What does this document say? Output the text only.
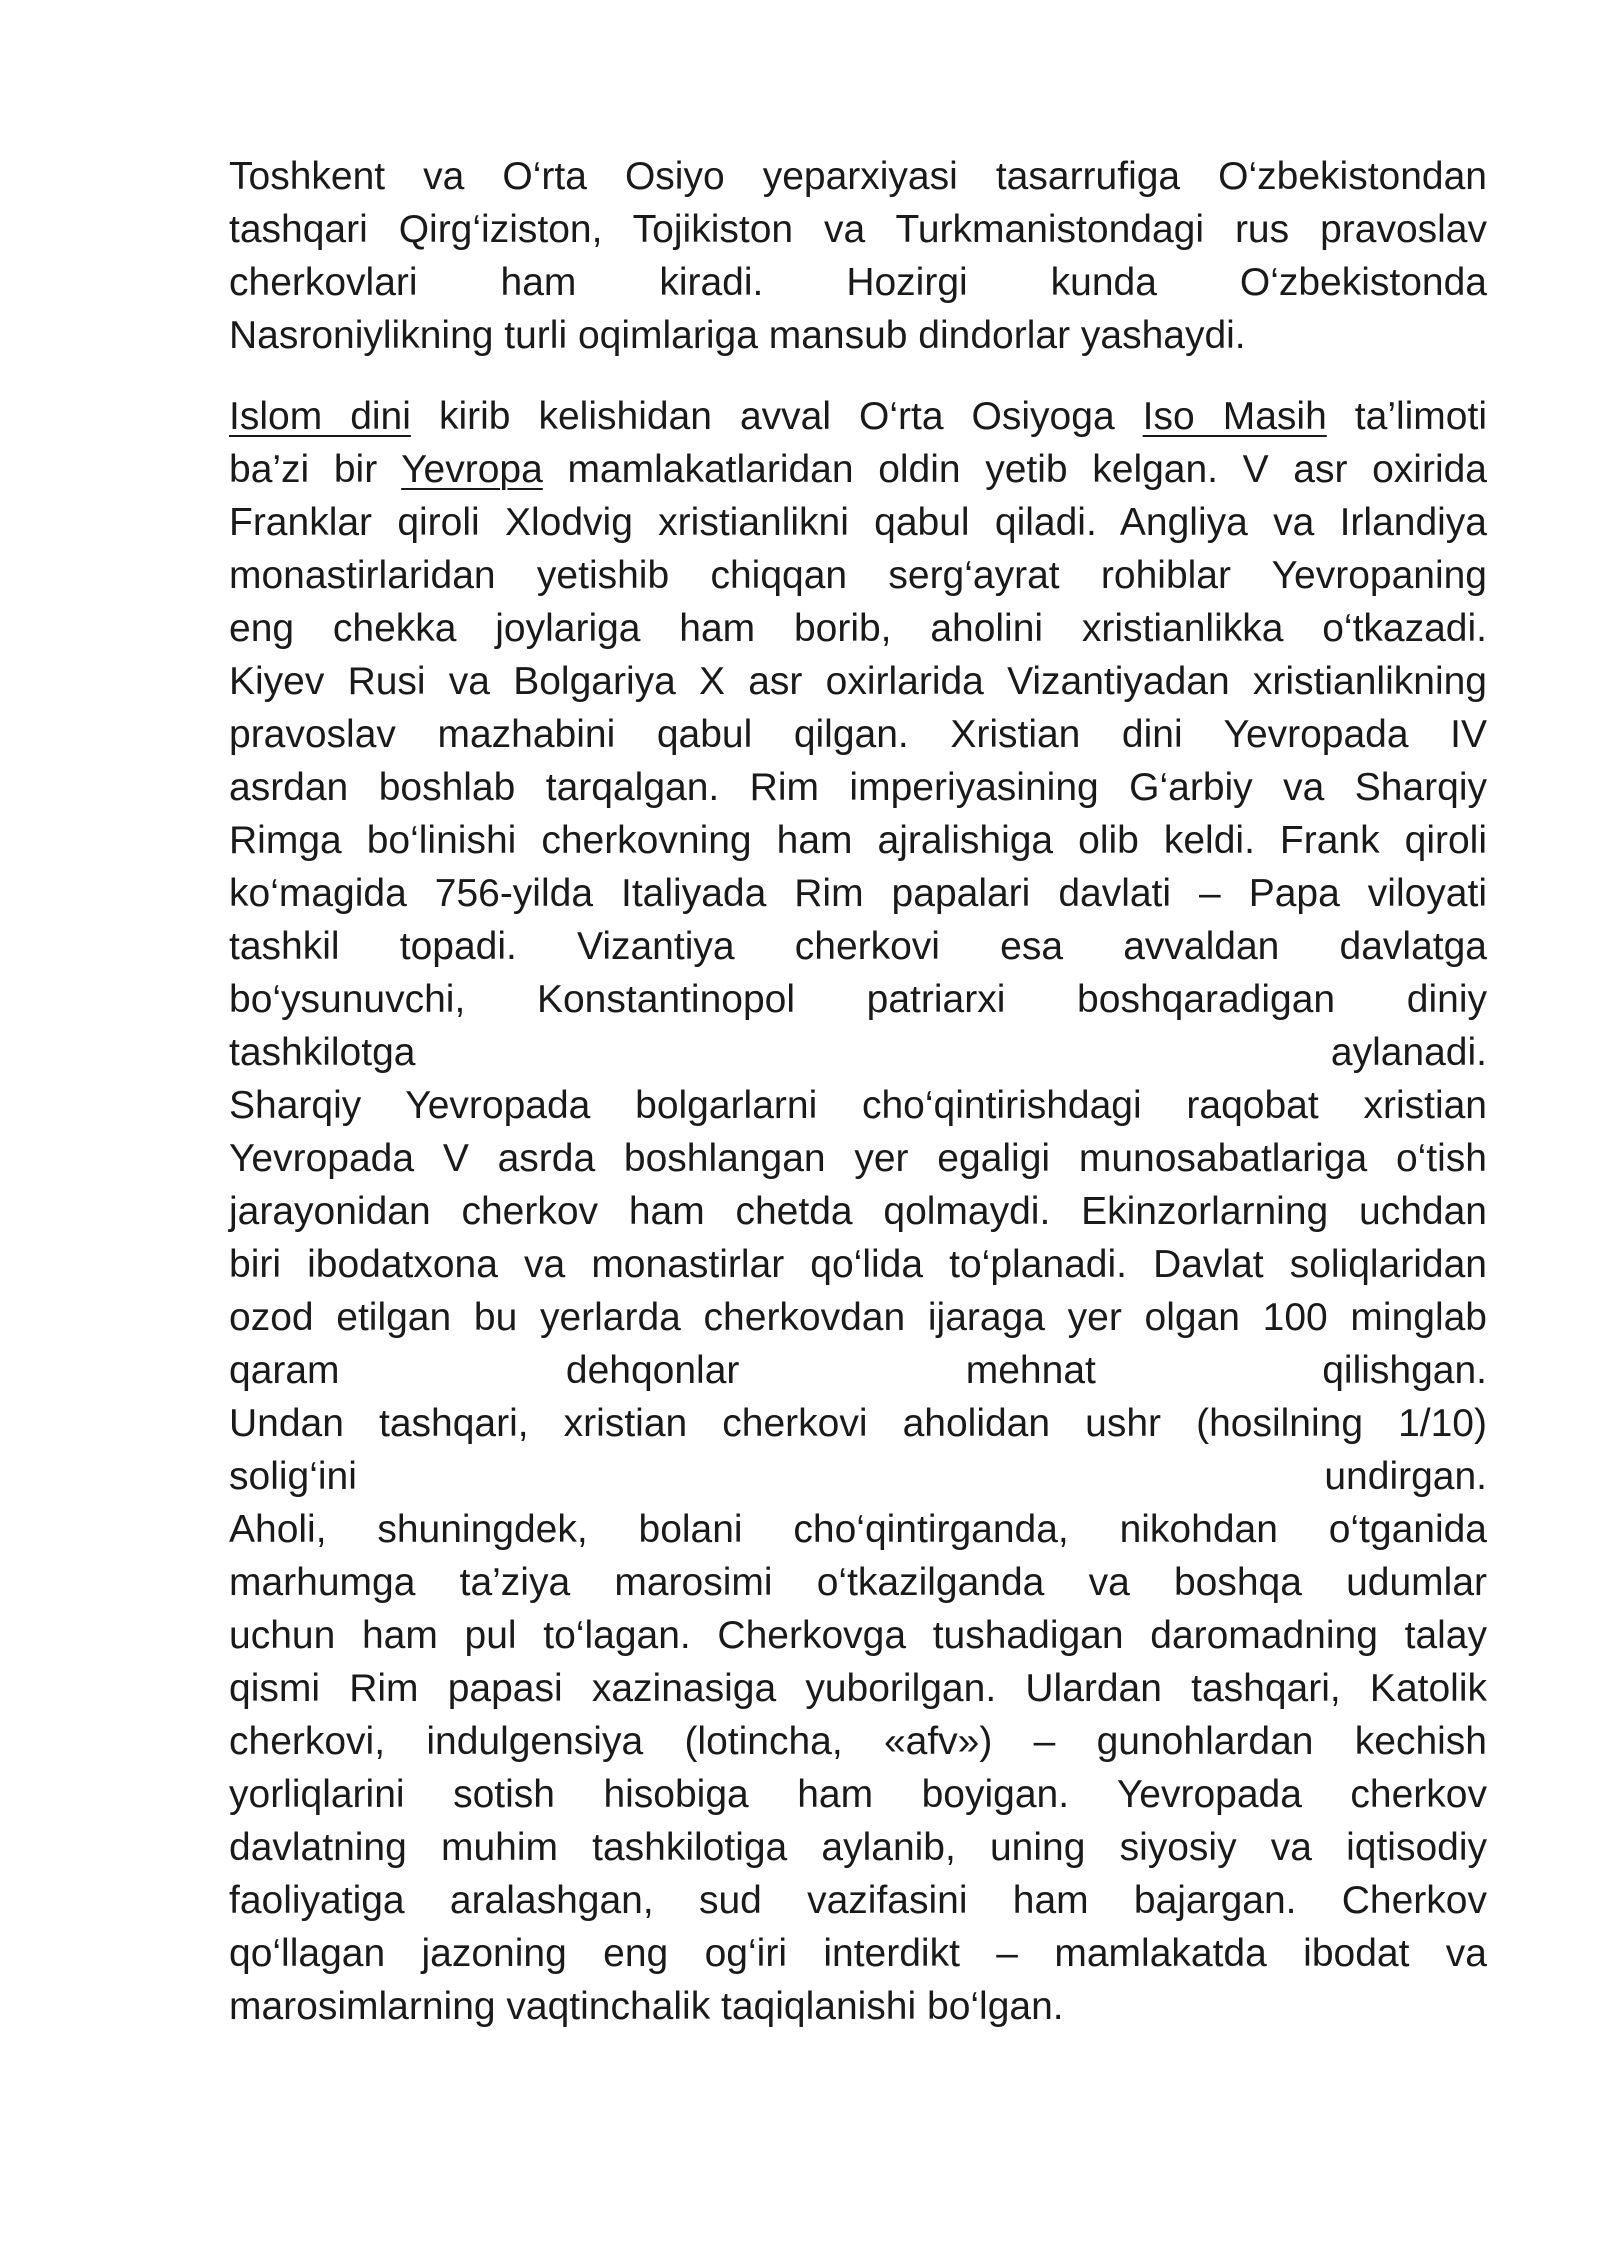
Toshkent va O‘rta Osiyo yeparxiyasi tasarrufiga O‘zbekistondan
tashqari Qirg‘iziston, Tojikiston va Turkmanistondagi rus pravoslav
cherkovlari ham kiradi. Hozirgi kunda O‘zbekistonda
Nasroniylikning turli oqimlariga mansub dindorlar yashaydi.

Islom dini kirib kelishidan avval O‘rta Osiyoga Iso Masih ta’limoti
ba’zi bir Yevropa mamlakatlaridan oldin yetib kelgan. V asr oxirida
Franklar qiroli Xlodvig xristianlikni qabul qiladi. Angliya va Irlandiya
monastirlaridan yetishib chiqqan serg‘ayrat rohiblar Yevropaning
eng chekka joylariga ham borib, aholini xristianlikka o‘tkazadi.
Kiyev Rusi va Bolgariya X asr oxirlarida Vizantiyadan xristianlikning
pravoslav mazhabini qabul qilgan. Xristian dini Yevropada IV
asrdan boshlab tarqalgan. Rim imperiyasining G‘arbiy va Sharqiy
Rimga bo‘linishi cherkovning ham ajralishiga olib keldi. Frank qiroli
ko‘magida 756-yilda Italiyada Rim papalari davlati – Papa viloyati
tashkil topadi. Vizantiya cherkovi esa avvaldan davlatga
bo‘ysunuvchi, Konstantinopol patriarxi boshqaradigan diniy
tashkilotga aylanadi.
Sharqiy Yevropada bolgarlarni cho‘qintirishdagi raqobat xristian
Yevropada V asrda boshlangan yer egaligi munosabatlariga o‘tish
jarayonidan cherkov ham chetda qolmaydi. Ekinzorlarning uchdan
biri ibodatxona va monastirlar qo‘lida to‘planadi. Davlat soliqlaridan
ozod etilgan bu yerlarda cherkovdan ijaraga yer olgan 100 minglab
qaram dehqonlar mehnat qilishgan.
Undan tashqari, xristian cherkovi aholidan ushr (hosilning 1/10)
solig‘ini undirgan.
Aholi, shuningdek, bolani cho‘qintirganda, nikohdan o‘tganida
marhumga ta’ziya marosimi o‘tkazilganda va boshqa udumlar
uchun ham pul to‘lagan. Cherkovga tushadigan daromadning talay
qismi Rim papasi xazinasiga yuborilgan. Ulardan tashqari, Katolik
cherkovi, indulgensiya (lotincha, «afv») – gunohlardan kechish
yorliqlarini sotish hisobiga ham boyigan. Yevropada cherkov
davlatning muhim tashkilotiga aylanib, uning siyosiy va iqtisodiy
faoliyatiga aralashgan, sud vazifasini ham bajargan. Cherkov
qo‘llagan jazoning eng og‘iri interdikt – mamlakatda ibodat va
marosimlarning vaqtinchalik taqiqlanishi bo‘lgan.
